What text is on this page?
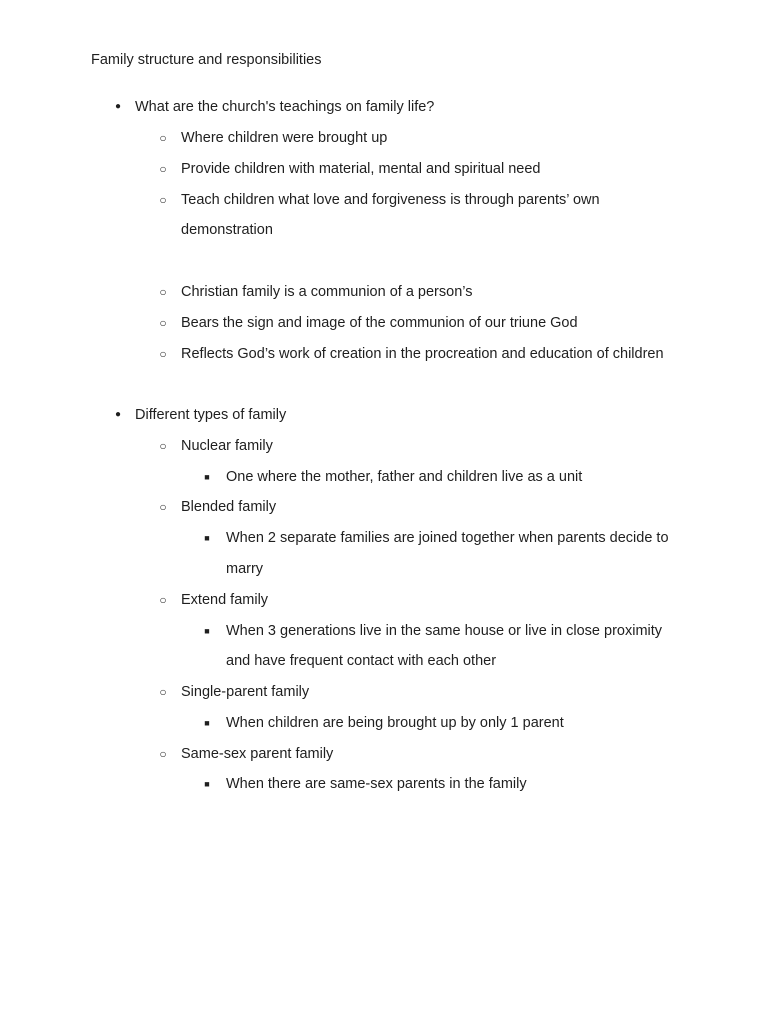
Family structure and responsibilities
● What are the church's teachings on family life?
○ Where children were brought up
○ Provide children with material, mental and spiritual need
○ Teach children what love and forgiveness is through parents’ own
demonstration
○ Christian family is a communion of a person’s
○ Bears the sign and image of the communion of our triune God
○ Reflects God’s work of creation in the procreation and education of children
● Different types of family
○ Nuclear family
■ One where the mother, father and children live as a unit
○ Blended family
■ When 2 separate families are joined together when parents decide to
marry
○ Extend family
■ When 3 generations live in the same house or live in close proximity
and have frequent contact with each other
○ Single-parent family
■ When children are being brought up by only 1 parent
○ Same-sex parent family
■ When there are same-sex parents in the family
